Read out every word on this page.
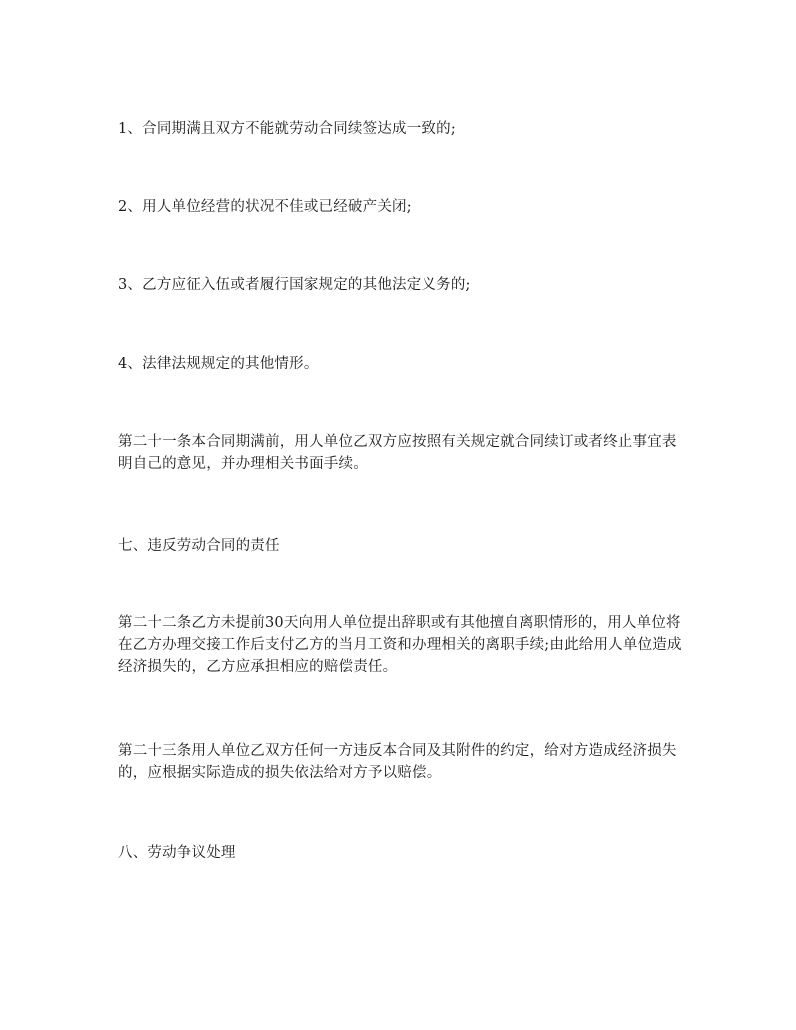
1、合同期满且双方不能就劳动合同续签达成一致的;

2、用人单位经营的状况不佳或已经破产关闭;

3、乙方应征入伍或者履行国家规定的其他法定义务的;

4、法律法规规定的其他情形。

第二十一条本合同期满前，用人单位乙双方应按照有关规定就合同续订或者终止事宜表明自己的意见，并办理相关书面手续。

七、违反劳动合同的责任

第二十二条乙方未提前30天向用人单位提出辞职或有其他擅自离职情形的，用人单位将在乙方办理交接工作后支付乙方的当月工资和办理相关的离职手续;由此给用人单位造成经济损失的，乙方应承担相应的赔偿责任。

第二十三条用人单位乙双方任何一方违反本合同及其附件的约定，给对方造成经济损失的，应根据实际造成的损失依法给对方予以赔偿。

八、劳动争议处理
